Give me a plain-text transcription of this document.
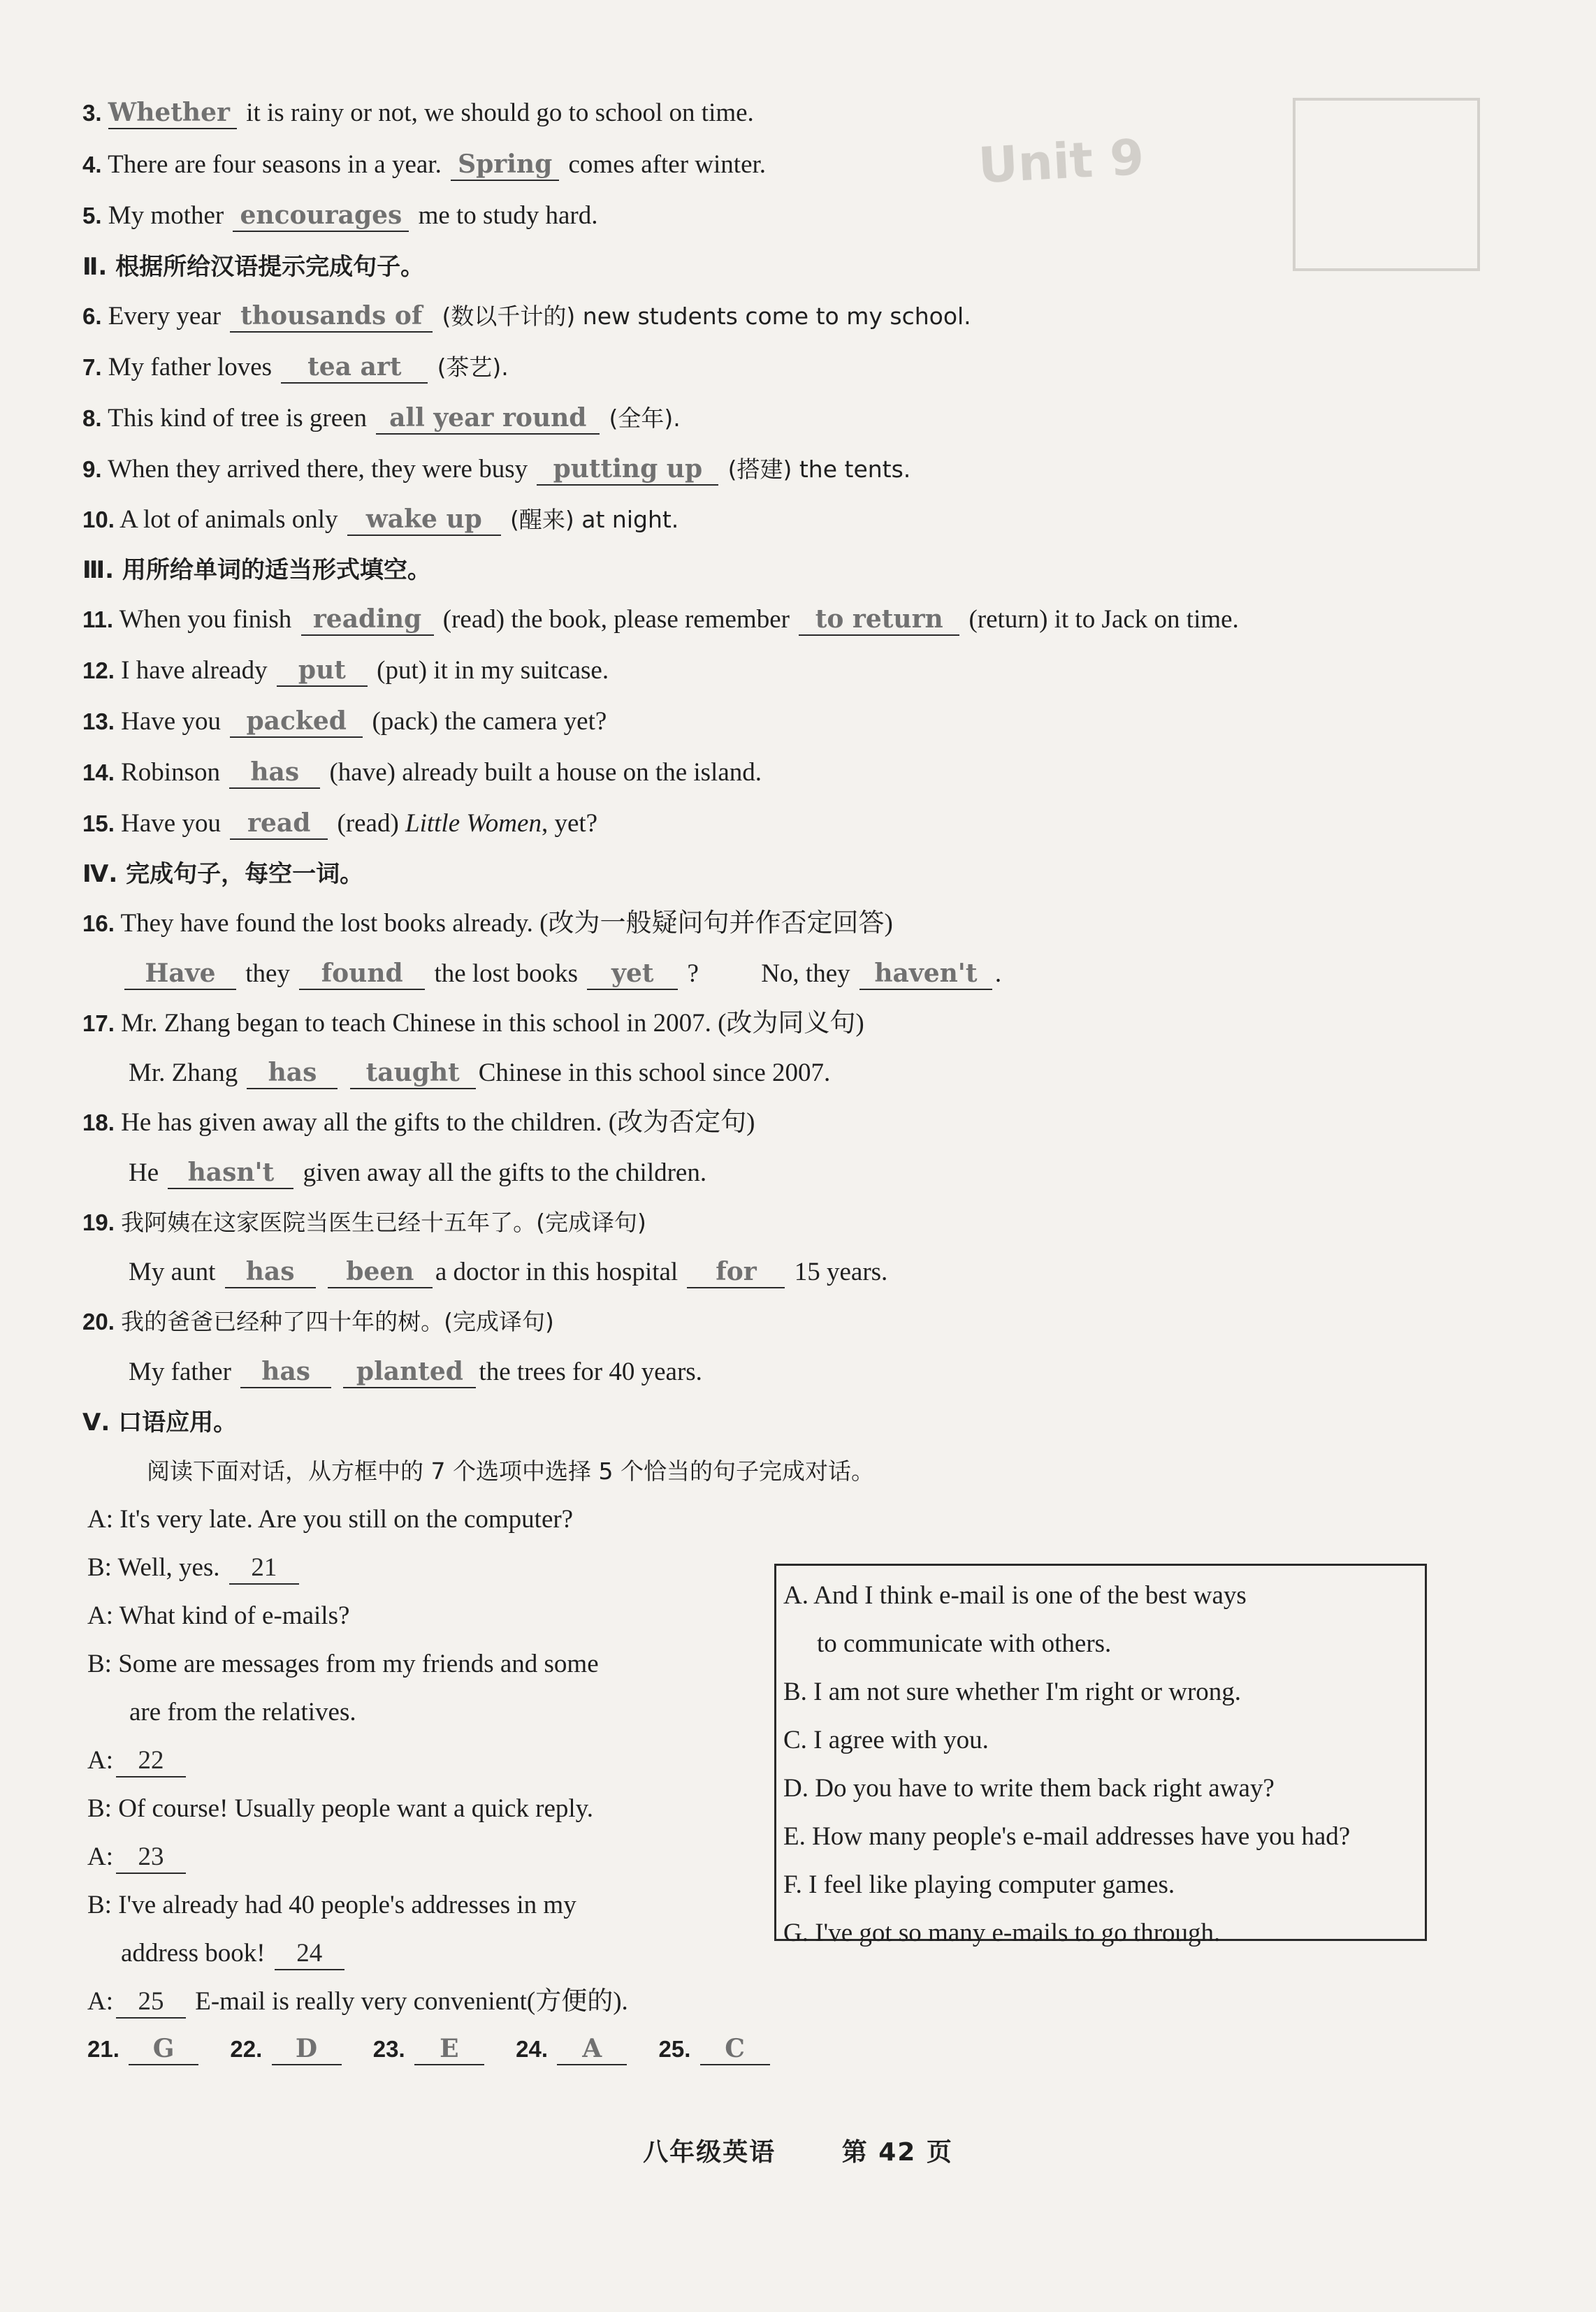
Unit 9
3. Whether it is rainy or not, we should go to school on time.
4. There are four seasons in a year. Spring comes after winter.
5. My mother encourages me to study hard.
Ⅱ. 根据所给汉语提示完成句子。
6. Every year thousands of (数以千计的) new students come to my school.
7. My father loves tea art (茶艺).
8. This kind of tree is green all year round (全年).
9. When they arrived there, they were busy putting up (搭建) the tents.
10. A lot of animals only wake up (醒来) at night.
Ⅲ. 用所给单词的适当形式填空。
11. When you finish reading (read) the book, please remember to return (return) it to Jack on time.
12. I have already put (put) it in my suitcase.
13. Have you packed (pack) the camera yet?
14. Robinson has (have) already built a house on the island.
15. Have you read (read) Little Women, yet?
Ⅳ. 完成句子，每空一词。
16. They have found the lost books already. (改为一般疑问句并作否定回答)
Have they found the lost books yet ? No, they haven't .
17. Mr. Zhang began to teach Chinese in this school in 2007. (改为同义句)
Mr. Zhang has taught Chinese in this school since 2007.
18. He has given away all the gifts to the children. (改为否定句)
He hasn't given away all the gifts to the children.
19. 我阿姨在这家医院当医生已经十五年了。(完成译句)
My aunt has been a doctor in this hospital for 15 years.
20. 我的爸爸已经种了四十年的树。(完成译句)
My father has planted the trees for 40 years.
Ⅴ. 口语应用。
阅读下面对话，从方框中的 7 个选项中选择 5 个恰当的句子完成对话。
A: It's very late. Are you still on the computer?
B: Well, yes. 21
A: What kind of e-mails?
B: Some are messages from my friends and some
are from the relatives.
A: 22
B: Of course! Usually people want a quick reply.
A: 23
B: I've already had 40 people's addresses in my
address book! 24
A: 25 E-mail is really very convenient(方便的).
A. And I think e-mail is one of the best ways
to communicate with others.
B. I am not sure whether I'm right or wrong.
C. I agree with you.
D. Do you have to write them back right away?
E. How many people's e-mail addresses have you had?
F. I feel like playing computer games.
G. I've got so many e-mails to go through.
21. G 22. D 23. E 24. A 25. C
八年级英语	第 42 页
